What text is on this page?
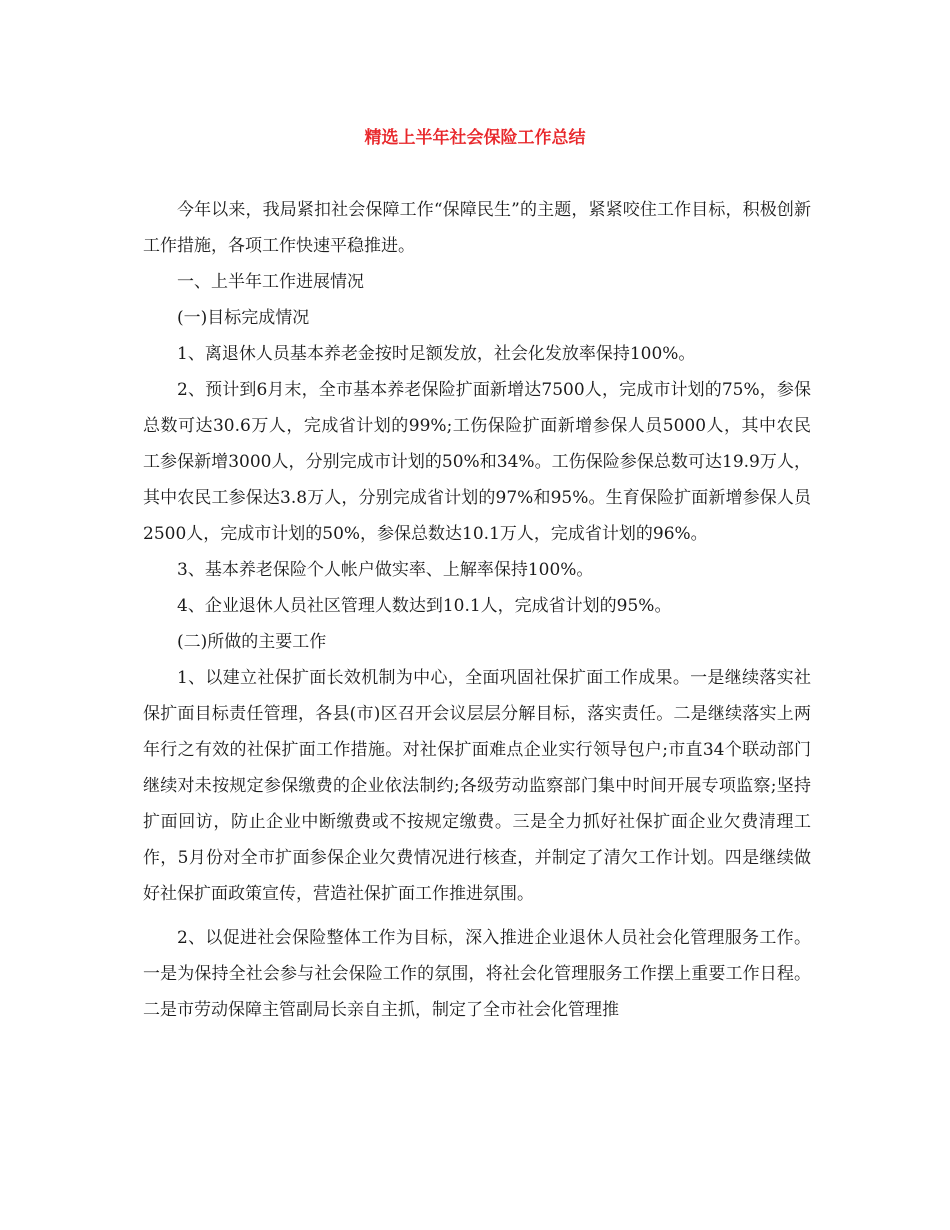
精选上半年社会保险工作总结

今年以来，我局紧扣社会保障工作“保障民生”的主题，紧紧咬住工作目标，积极创新工作措施，各项工作快速平稳推进。

一、上半年工作进展情况

(一)目标完成情况

1、离退休人员基本养老金按时足额发放，社会化发放率保持100%。

2、预计到6月末，全市基本养老保险扩面新增达7500人，完成市计划的75%，参保总数可达30.6万人，完成省计划的99%;工伤保险扩面新增参保人员5000人，其中农民工参保新增3000人，分别完成市计划的50%和34%。工伤保险参保总数可达19.9万人，其中农民工参保达3.8万人，分别完成省计划的97%和95%。生育保险扩面新增参保人员2500人，完成市计划的50%，参保总数达10.1万人，完成省计划的96%。

3、基本养老保险个人帐户做实率、上解率保持100%。

4、企业退休人员社区管理人数达到10.1人，完成省计划的95%。

(二)所做的主要工作

1、以建立社保扩面长效机制为中心，全面巩固社保扩面工作成果。一是继续落实社保扩面目标责任管理，各县(市)区召开会议层层分解目标，落实责任。二是继续落实上两年行之有效的社保扩面工作措施。对社保扩面难点企业实行领导包户;市直34个联动部门继续对未按规定参保缴费的企业依法制约;各级劳动监察部门集中时间开展专项监察;坚持扩面回访，防止企业中断缴费或不按规定缴费。三是全力抓好社保扩面企业欠费清理工作，5月份对全市扩面参保企业欠费情况进行核查，并制定了清欠工作计划。四是继续做好社保扩面政策宣传，营造社保扩面工作推进氛围。

2、以促进社会保险整体工作为目标，深入推进企业退休人员社会化管理服务工作。一是为保持全社会参与社会保险工作的氛围，将社会化管理服务工作摆上重要工作日程。二是市劳动保障主管副局长亲自主抓，制定了全市社会化管理推
